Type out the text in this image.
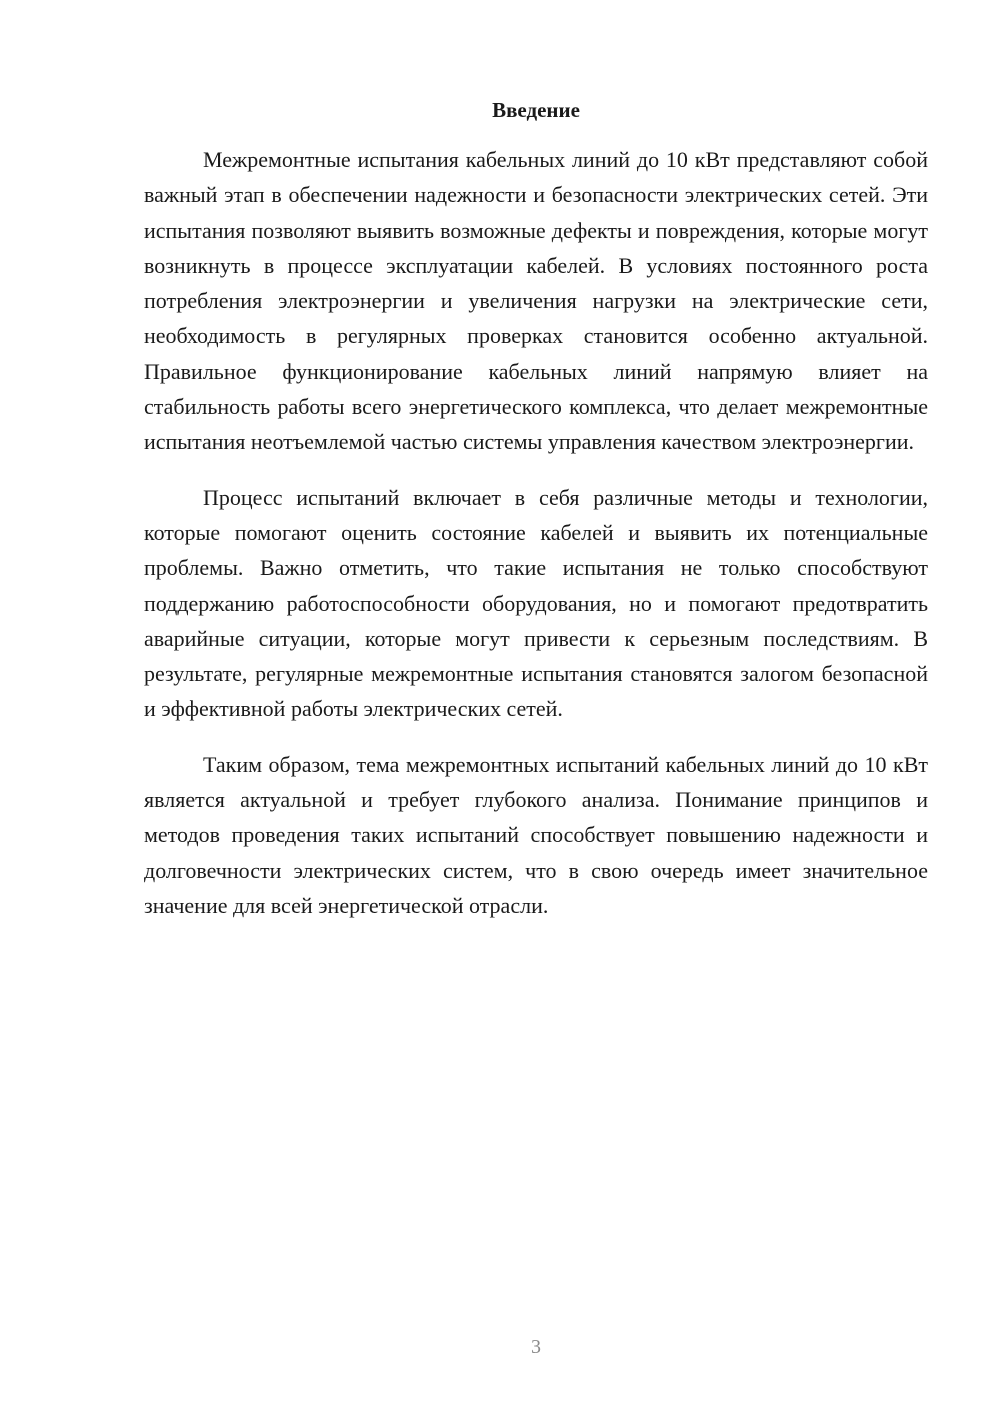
Введение

Межремонтные испытания кабельных линий до 10 кВт представляют собой важный этап в обеспечении надежности и безопасности электрических сетей. Эти испытания позволяют выявить возможные дефекты и повреждения, которые могут возникнуть в процессе эксплуатации кабелей. В условиях постоянного роста потребления электроэнергии и увеличения нагрузки на электрические сети, необходимость в регулярных проверках становится особенно актуальной. Правильное функционирование кабельных линий напрямую влияет на стабильность работы всего энергетического комплекса, что делает межремонтные испытания неотъемлемой частью системы управления качеством электроэнергии.

Процесс испытаний включает в себя различные методы и технологии, которые помогают оценить состояние кабелей и выявить их потенциальные проблемы. Важно отметить, что такие испытания не только способствуют поддержанию работоспособности оборудования, но и помогают предотвратить аварийные ситуации, которые могут привести к серьезным последствиям. В результате, регулярные межремонтные испытания становятся залогом безопасной и эффективной работы электрических сетей.

Таким образом, тема межремонтных испытаний кабельных линий до 10 кВт является актуальной и требует глубокого анализа. Понимание принципов и методов проведения таких испытаний способствует повышению надежности и долговечности электрических систем, что в свою очередь имеет значительное значение для всей энергетической отрасли.

3
